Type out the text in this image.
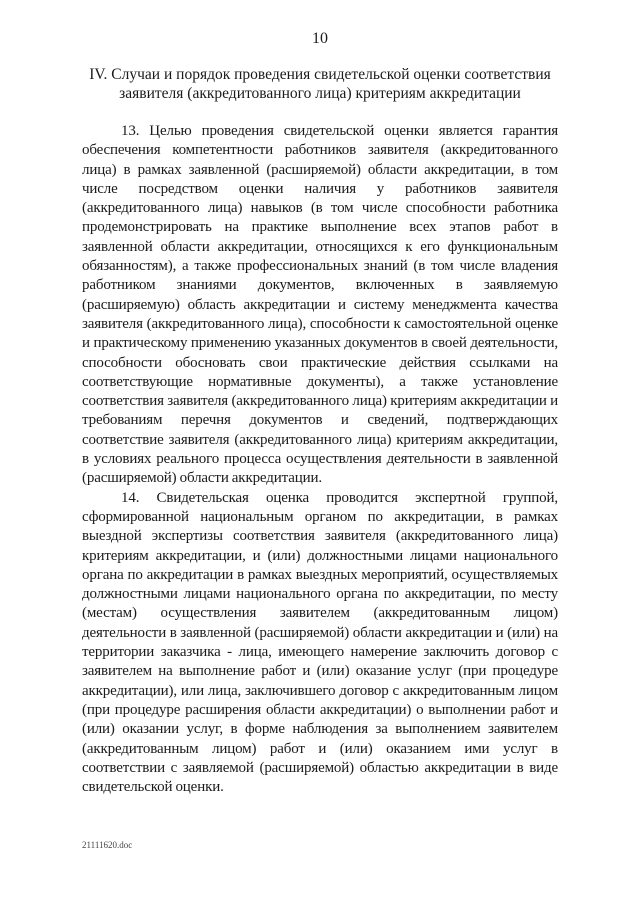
10
IV. Случаи и порядок проведения свидетельской оценки соответствия
заявителя (аккредитованного лица) критериям аккредитации

13. Целью проведения свидетельской оценки является гарантия обеспечения компетентности работников заявителя (аккредитованного лица) в рамках заявленной (расширяемой) области аккредитации, в том числе посредством оценки наличия у работников заявителя (аккредитованного лица) навыков (в том числе способности работника продемонстрировать на практике выполнение всех этапов работ в заявленной области аккредитации, относящихся к его функциональным обязанностям), а также профессиональных знаний (в том числе владения работником знаниями документов, включенных в заявляемую (расширяемую) область аккредитации и систему менеджмента качества заявителя (аккредитованного лица), способности к самостоятельной оценке и практическому применению указанных документов в своей деятельности, способности обосновать свои практические действия ссылками на соответствующие нормативные документы), а также установление соответствия заявителя (аккредитованного лица) критериям аккредитации и требованиям перечня документов и сведений, подтверждающих соответствие заявителя (аккредитованного лица) критериям аккредитации, в условиях реального процесса осуществления деятельности в заявленной (расширяемой) области аккредитации.

14. Свидетельская оценка проводится экспертной группой, сформированной национальным органом по аккредитации, в рамках выездной экспертизы соответствия заявителя (аккредитованного лица) критериям аккредитации, и (или) должностными лицами национального органа по аккредитации в рамках выездных мероприятий, осуществляемых должностными лицами национального органа по аккредитации, по месту (местам) осуществления заявителем (аккредитованным лицом) деятельности в заявленной (расширяемой) области аккредитации и (или) на территории заказчика - лица, имеющего намерение заключить договор с заявителем на выполнение работ и (или) оказание услуг (при процедуре аккредитации), или лица, заключившего договор с аккредитованным лицом (при процедуре расширения области аккредитации) о выполнении работ и (или) оказании услуг, в форме наблюдения за выполнением заявителем (аккредитованным лицом) работ и (или) оказанием ими услуг в соответствии с заявляемой (расширяемой) областью аккредитации в виде свидетельской оценки.

21111620.doc
